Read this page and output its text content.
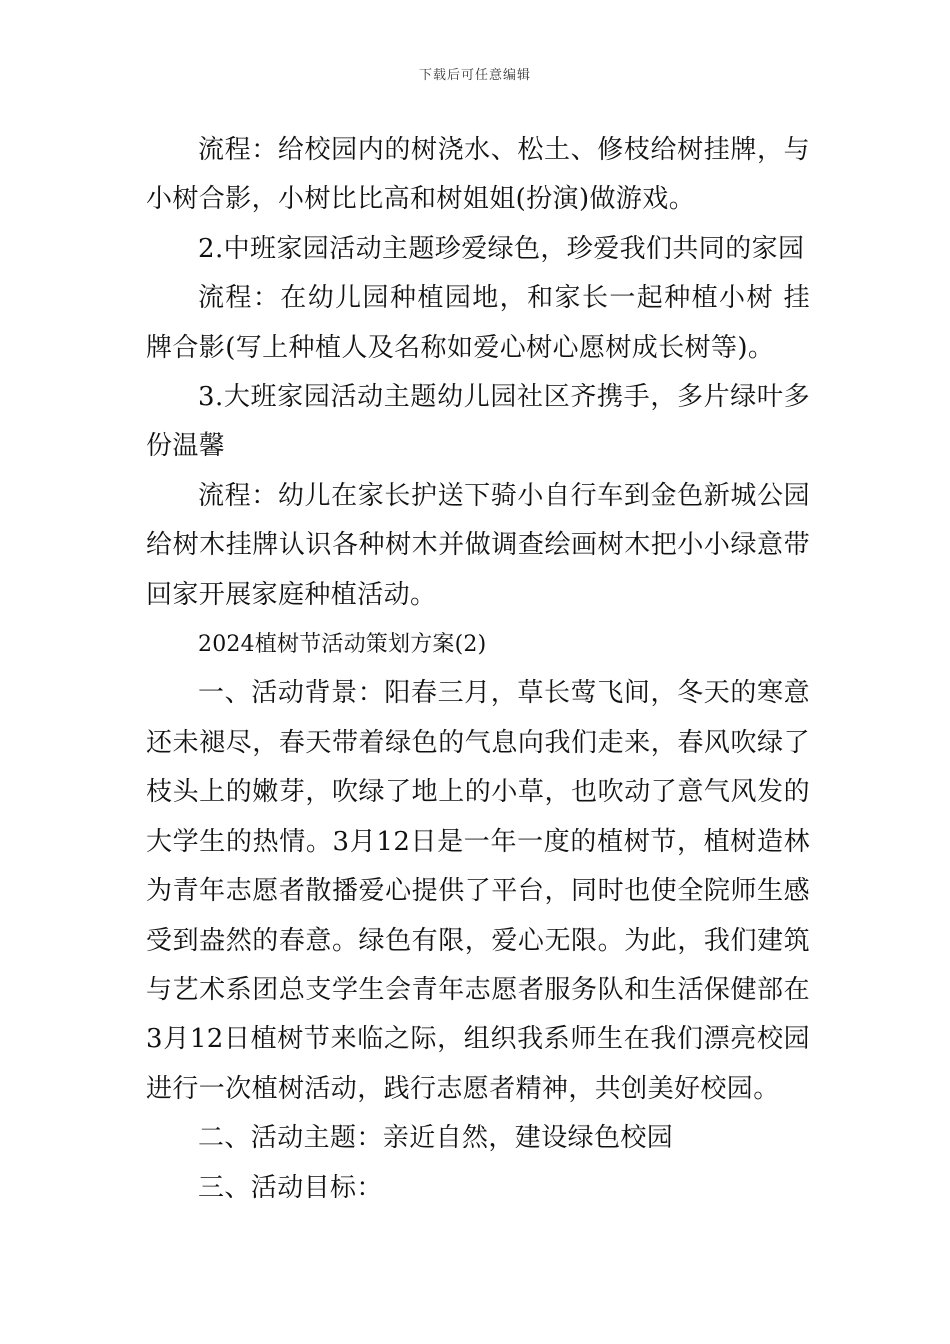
下载后可任意编辑

流程：给校园内的树浇水、松土、修枝给树挂牌，与小树合影，小树比比高和树姐姐(扮演)做游戏。

2.中班家园活动主题珍爱绿色，珍爱我们共同的家园

流程：在幼儿园种植园地，和家长一起种植小树 挂牌合影(写上种植人及名称如爱心树心愿树成长树等)。

3.大班家园活动主题幼儿园社区齐携手，多片绿叶多份温馨

流程：幼儿在家长护送下骑小自行车到金色新城公园给树木挂牌认识各种树木并做调查绘画树木把小小绿意带回家开展家庭种植活动。

2024植树节活动策划方案(2)

一、活动背景：阳春三月，草长莺飞间，冬天的寒意还未褪尽，春天带着绿色的气息向我们走来，春风吹绿了枝头上的嫩芽，吹绿了地上的小草，也吹动了意气风发的大学生的热情。3月12日是一年一度的植树节，植树造林为青年志愿者散播爱心提供了平台，同时也使全院师生感受到盎然的春意。绿色有限，爱心无限。为此，我们建筑与艺术系团总支学生会青年志愿者服务队和生活保健部在3月12日植树节来临之际，组织我系师生在我们漂亮校园进行一次植树活动，践行志愿者精神，共创美好校园。

二、活动主题：亲近自然，建设绿色校园

三、活动目标：
